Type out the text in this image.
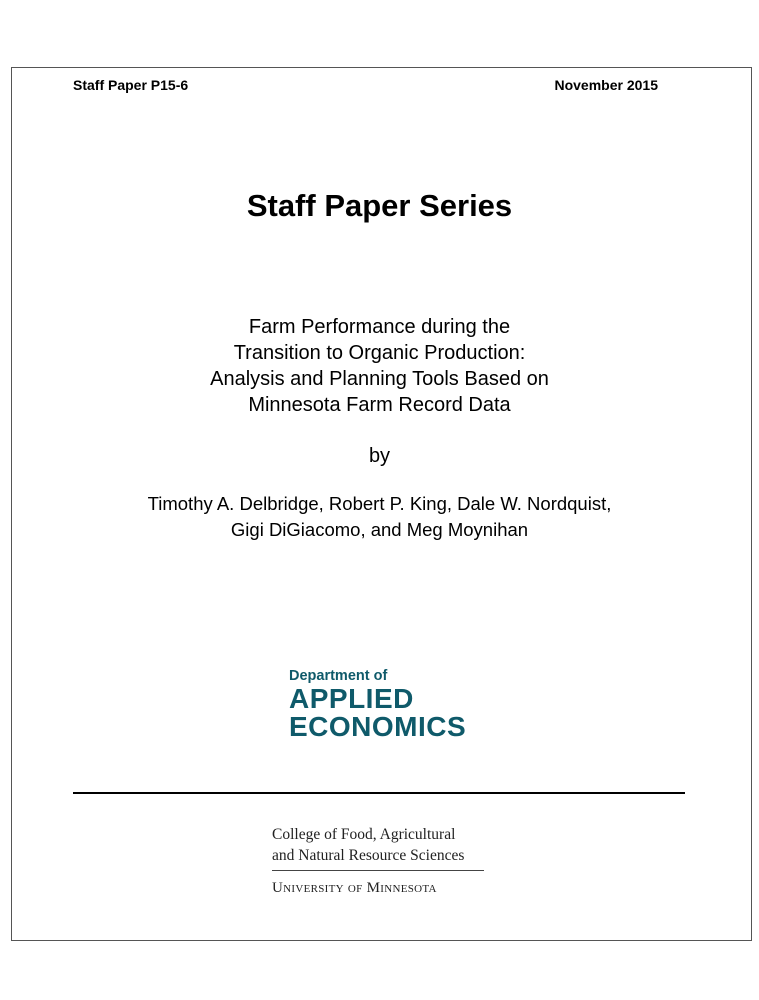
Staff Paper P15-6	November 2015
Staff Paper Series
Farm Performance during the
Transition to Organic Production:
Analysis and Planning Tools Based on
Minnesota Farm Record Data
by
Timothy A. Delbridge, Robert P. King, Dale W. Nordquist,
Gigi DiGiacomo, and Meg Moynihan
Department of
APPLIED
ECONOMICS
College of Food, Agricultural
and Natural Resource Sciences
University of Minnesota
